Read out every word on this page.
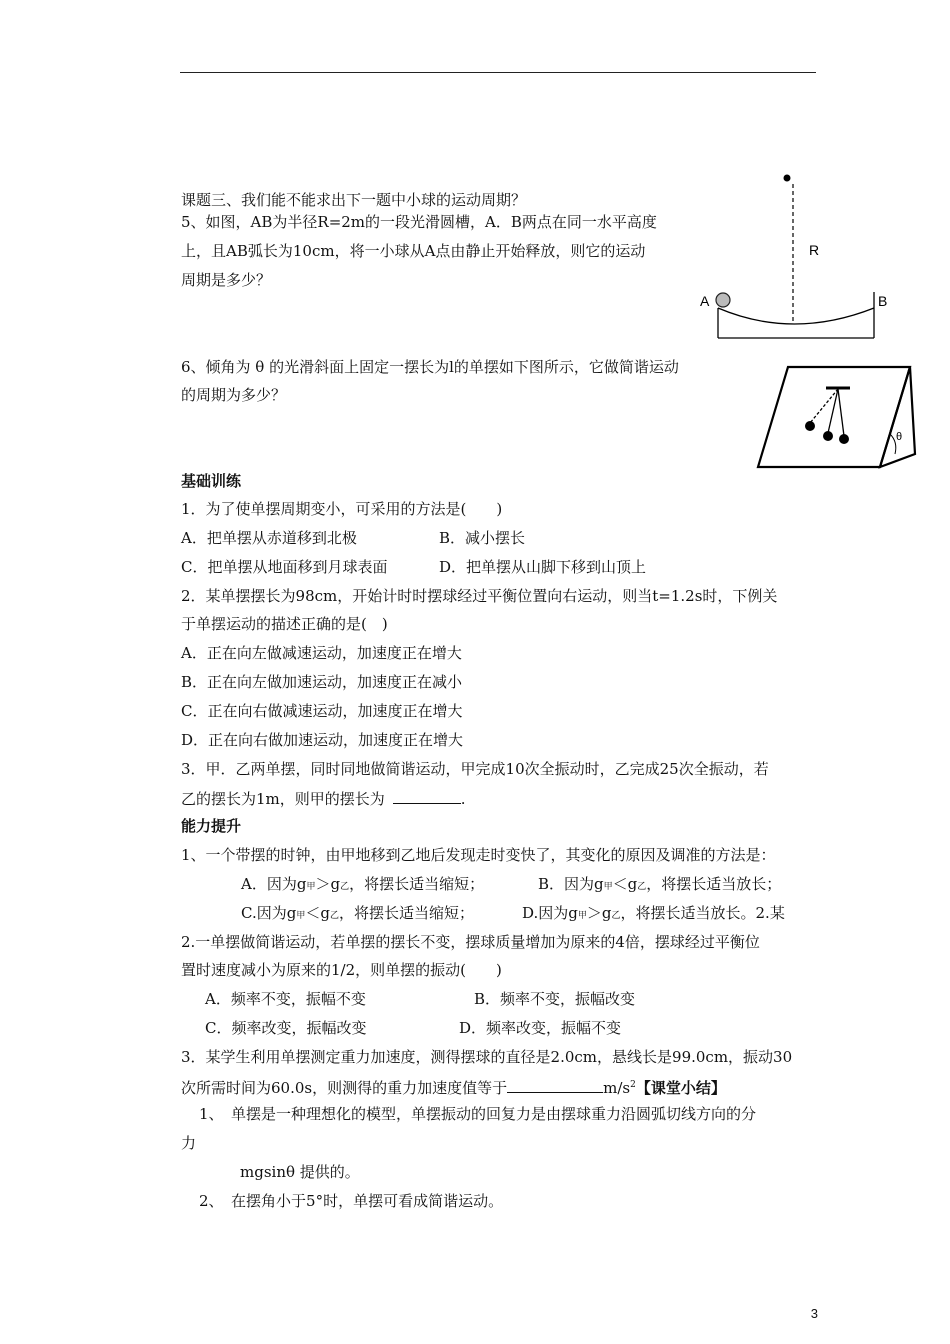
课题三、我们能不能求出下一题中小球的运动周期？
5、如图，AB为半径R=2m的一段光滑圆槽，A．B两点在同一水平高度
上，且AB弧长为10cm，将一小球从A点由静止开始释放，则它的运动
周期是多少？
R
A	B
6、倾角为 θ 的光滑斜面上固定一摆长为l的单摆如下图所示，它做简谐运动
的周期为多少？
θ
基础训练
1．为了使单摆周期变小，可采用的方法是(　　)
A．把单摆从赤道移到北极	B．减小摆长
C．把单摆从地面移到月球表面	D．把单摆从山脚下移到山顶上
2．某单摆摆长为98cm，开始计时时摆球经过平衡位置向右运动，则当t=1.2s时，下例关
于单摆运动的描述正确的是(　)
A．正在向左做减速运动，加速度正在增大
B．正在向左做加速运动，加速度正在减小
C．正在向右做减速运动，加速度正在增大
D．正在向右做加速运动，加速度正在增大
3．甲．乙两单摆，同时同地做简谐运动，甲完成10次全振动时，乙完成25次全振动，若
乙的摆长为1m，则甲的摆长为	.
能力提升
1、一个带摆的时钟，由甲地移到乙地后发现走时变快了，其变化的原因及调准的方法是：
A．因为g甲＞g乙，将摆长适当缩短；	B．因为g甲＜g乙，将摆长适当放长；
C.因为g甲＜g乙，将摆长适当缩短；	D.因为g甲＞g乙，将摆长适当放长。2.某
2.一单摆做简谐运动，若单摆的摆长不变，摆球质量增加为原来的4倍，摆球经过平衡位
置时速度减小为原来的1/2，则单摆的振动(　　)
A．频率不变，振幅不变	B．频率不变，振幅改变
C．频率改变，振幅改变	D．频率改变，振幅不变
3．某学生利用单摆测定重力加速度，测得摆球的直径是2.0cm，悬线长是99.0cm，振动30
次所需时间为60.0s，则测得的重力加速度值等于	$m/s^2$【课堂小结】
1、　单摆是一种理想化的模型，单摆振动的回复力是由摆球重力沿圆弧切线方向的分
力
mgsinθ 提供的。
2、　在摆角小于5°时，单摆可看成简谐运动。
3
